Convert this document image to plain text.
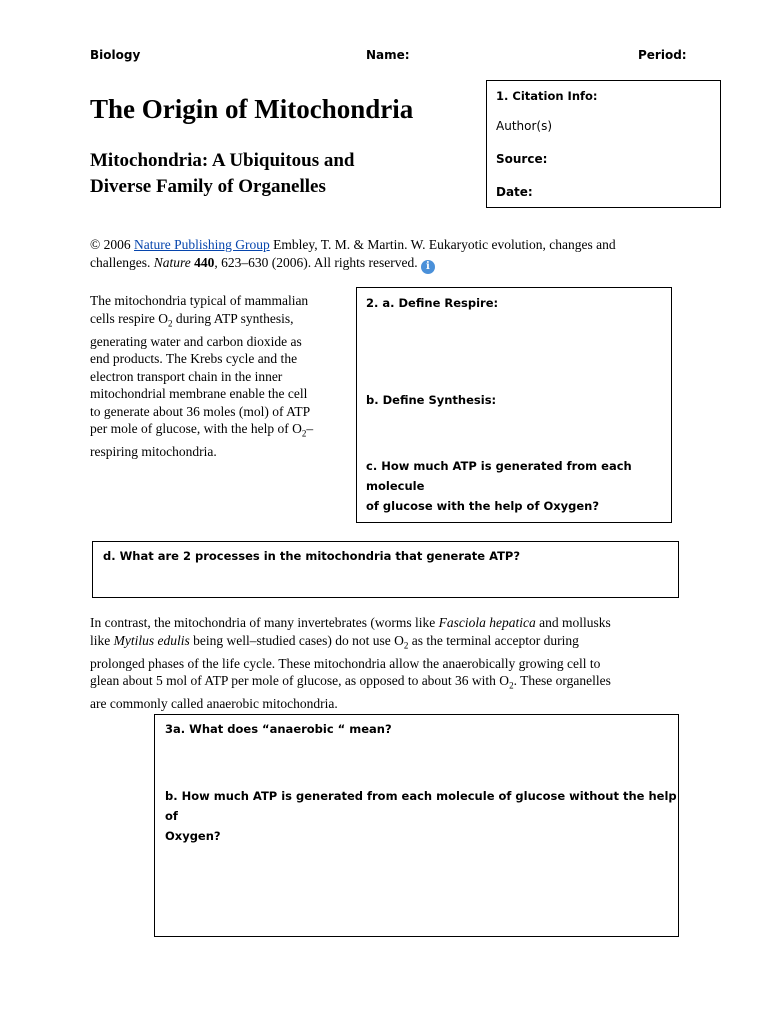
Biology	Name:	Period:
The Origin of Mitochondria
Mitochondria: A Ubiquitous and
Diverse Family of Organelles
1. Citation Info:
Author(s)
Source:
Date:
© 2006 Nature Publishing Group Embley, T. M. & Martin. W. Eukaryotic evolution, changes and challenges. Nature 440, 623–630 (2006). All rights reserved. i
The mitochondria typical of mammalian
cells respire $O_2$ during ATP synthesis,
generating water and carbon dioxide as
end products. The Krebs cycle and the
electron transport chain in the inner
mitochondrial membrane enable the cell
to generate about 36 moles (mol) of ATP
per mole of glucose, with the help of $O_2-$
respiring mitochondria.
2. a. Define Respire:
b. Define Synthesis:
c. How much ATP is generated from each molecule
of glucose with the help of Oxygen?
d. What are 2 processes in the mitochondria that generate ATP?
In contrast, the mitochondria of many invertebrates (worms like Fasciola hepatica and mollusks
like Mytilus edulis being well–studied cases) do not use $O_2$ as the terminal acceptor during
prolonged phases of the life cycle. These mitochondria allow the anaerobically growing cell to
glean about 5 mol of ATP per mole of glucose, as opposed to about 36 with $O_2$. These organelles
are commonly called anaerobic mitochondria.
3a. What does “anaerobic “ mean?
b. How much ATP is generated from each molecule of glucose without the help of
Oxygen?
